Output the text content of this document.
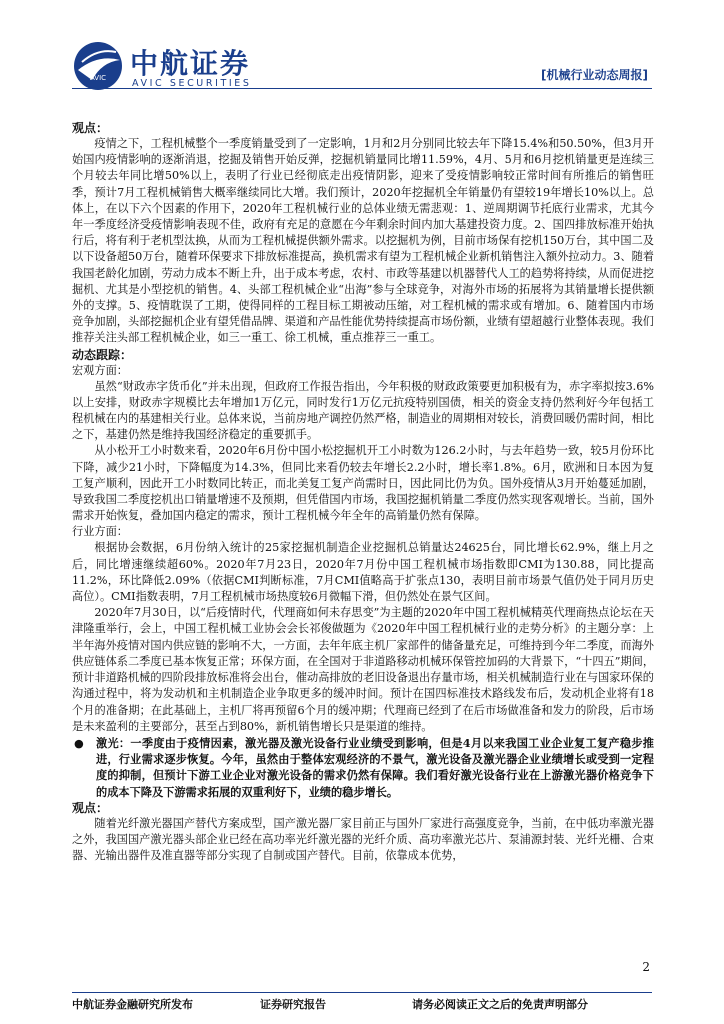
AVIC 中航证券
AVIC SECURITIES
[机械行业动态周报]

观点：

疫情之下，工程机械整个一季度销量受到了一定影响，1月和2月分别同比较去年下降15.4%和50.50%，但3月开始国内疫情影响的逐渐消退，挖掘及销售开始反弹，挖掘机销量同比增11.59%，4月、5月和6月挖机销量更是连续三个月较去年同比增50%以上，表明了行业已经彻底走出疫情阴影，迎来了受疫情影响较正常时间有所推后的销售旺季，预计7月工程机械销售大概率继续同比大增。我们预计，2020年挖掘机全年销量仍有望较19年增长10%以上。总体上，在以下六个因素的作用下，2020年工程机械行业的总体业绩无需悲观：1、逆周期调节托底行业需求，尤其今年一季度经济受疫情影响表现不佳，政府有充足的意愿在今年剩余时间内加大基建投资力度。2、国四排放标准开始执行后，将有利于老机型汰换，从而为工程机械提供额外需求。以挖掘机为例，目前市场保有挖机150万台，其中国二及以下设备超50万台，随着环保要求下排放标准提高，换机需求有望为工程机械企业新机销售注入额外拉动力。3、随着我国老龄化加剧，劳动力成本不断上升，出于成本考虑，农村、市政等基建以机器替代人工的趋势将持续，从而促进挖掘机、尤其是小型挖机的销售。4、头部工程机械企业“出海”参与全球竞争，对海外市场的拓展将为其销量增长提供额外的支撑。5、疫情耽误了工期，使得同样的工程目标工期被动压缩，对工程机械的需求或有增加。6、随着国内市场竞争加剧，头部挖掘机企业有望凭借品牌、渠道和产品性能优势持续提高市场份额，业绩有望超越行业整体表现。我们推荐关注头部工程机械企业，如三一重工、徐工机械，重点推荐三一重工。

动态跟踪：

宏观方面：

虽然“财政赤字货币化”并未出现，但政府工作报告指出，今年积极的财政政策要更加积极有为，赤字率拟按3.6%以上安排，财政赤字规模比去年增加1万亿元，同时发行1万亿元抗疫特别国债，相关的资金支持仍然利好今年包括工程机械在内的基建相关行业。总体来说，当前房地产调控仍然严格，制造业的周期相对较长，消费回暖仍需时间，相比之下，基建仍然是维持我国经济稳定的重要抓手。

从小松开工小时数来看，2020年6月份中国小松挖掘机开工小时数为126.2小时，与去年趋势一致，较5月份环比下降，减少21小时，下降幅度为14.3%，但同比来看仍较去年增长2.2小时，增长率1.8%。6月，欧洲和日本因为复工复产顺利，因此开工小时数同比转正，而北美复工复产尚需时日，因此同比仍为负。国外疫情从3月开始蔓延加剧，导致我国二季度挖机出口销量增速不及预期，但凭借国内市场，我国挖掘机销量二季度仍然实现客观增长。当前，国外需求开始恢复，叠加国内稳定的需求，预计工程机械今年全年的高销量仍然有保障。

行业方面：

根据协会数据，6月份纳入统计的25家挖掘机制造企业挖掘机总销量达24625台，同比增长62.9%，继上月之后，同比增速继续超60%。2020年7月23日，2020年7月份中国工程机械市场指数即CMI为130.88，同比提高11.2%，环比降低2.09%（依据CMI判断标准，7月CMI值略高于扩张点130，表明目前市场景气值仍处于同月历史高位）。CMI指数表明，7月工程机械市场热度较6月微幅下滑，但仍然处在景气区间。

2020年7月30日，以“后疫情时代，代理商如何未存思变”为主题的2020年中国工程机械精英代理商热点论坛在天津隆重举行，会上，中国工程机械工业协会会长祁俊做题为《2020年中国工程机械行业的走势分析》的主题分享：上半年海外疫情对国内供应链的影响不大，一方面，去年年底主机厂家部件的储备量充足，可维持到今年二季度，而海外供应链体系二季度已基本恢复正常；环保方面，在全国对于非道路移动机械环保管控加码的大背景下，“十四五”期间，预计非道路机械的四阶段排放标准将会出台，催动高排放的老旧设备退出存量市场，相关机械制造行业在与国家环保的沟通过程中，将为发动机和主机制造企业争取更多的缓冲时间。预计在国四标准技术路线发布后，发动机企业将有18个月的准备期；在此基础上，主机厂将再预留6个月的缓冲期；代理商已经到了在后市场做准备和发力的阶段，后市场是未来盈利的主要部分，甚至占到80%，新机销售增长只是渠道的维持。

● 激光：一季度由于疫情因素，激光器及激光设备行业业绩受到影响，但是4月以来我国工业企业复工复产稳步推进，行业需求逐步恢复。今年，虽然由于整体宏观经济的不景气，激光设备及激光器企业业绩增长或受到一定程度的抑制，但预计下游工业企业对激光设备的需求仍然有保障。我们看好激光设备行业在上游激光器价格竞争下的成本下降及下游需求拓展的双重利好下，业绩的稳步增长。

观点：

随着光纤激光器国产替代方案成型，国产激光器厂家目前正与国外厂家进行高强度竞争，当前，在中低功率激光器之外，我国国产激光器头部企业已经在高功率光纤激光器的光纤介质、高功率激光芯片、泵浦源封装、光纤光栅、合束器、光输出器件及准直器等部分实现了自制或国产替代。目前，依靠成本优势，

2
中航证券金融研究所发布	证券研究报告	请务必阅读正文之后的免责声明部分
